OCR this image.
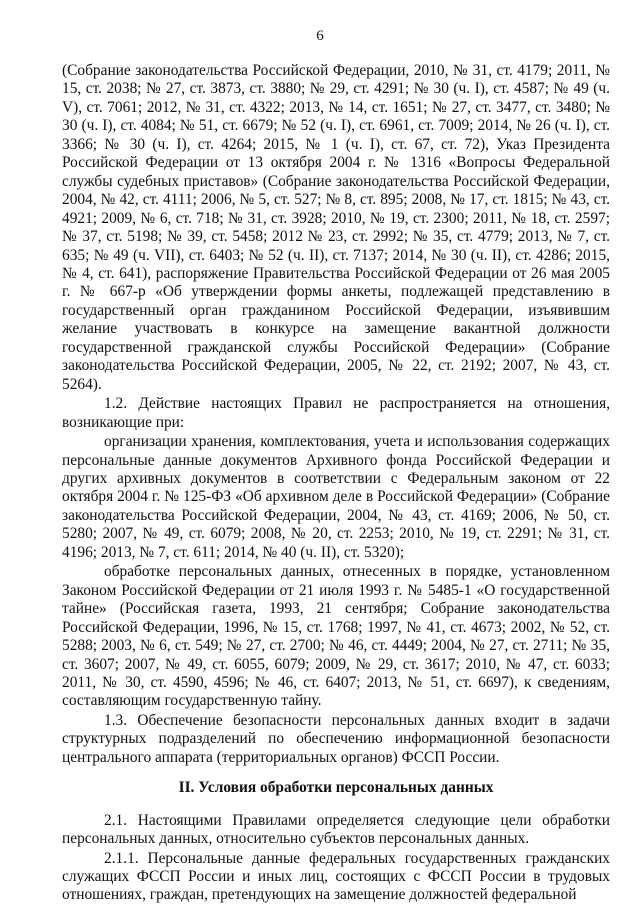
6

(Собрание законодательства Российской Федерации, 2010, № 31, ст. 4179; 2011, № 15, ст. 2038; № 27, ст. 3873, ст. 3880; № 29, ст. 4291; № 30 (ч. I), ст. 4587; № 49 (ч. V), ст. 7061; 2012, № 31, ст. 4322; 2013, № 14, ст. 1651; № 27, ст. 3477, ст. 3480; № 30 (ч. I), ст. 4084; № 51, ст. 6679; № 52 (ч. I), ст. 6961, ст. 7009; 2014, № 26 (ч. I), ст. 3366; № 30 (ч. I), ст. 4264; 2015, № 1 (ч. I), ст. 67, ст. 72), Указ Президента Российской Федерации от 13 октября 2004 г. № 1316 «Вопросы Федеральной службы судебных приставов» (Собрание законодательства Российской Федерации, 2004, № 42, ст. 4111; 2006, № 5, ст. 527; № 8, ст. 895; 2008, № 17, ст. 1815; № 43, ст. 4921; 2009, № 6, ст. 718; № 31, ст. 3928; 2010, № 19, ст. 2300; 2011, № 18, ст. 2597; № 37, ст. 5198; № 39, ст. 5458; 2012 № 23, ст. 2992; № 35, ст. 4779; 2013, № 7, ст. 635; № 49 (ч. VII), ст. 6403; № 52 (ч. II), ст. 7137; 2014, № 30 (ч. II), ст. 4286; 2015, № 4, ст. 641), распоряжение Правительства Российской Федерации от 26 мая 2005 г. № 667-р «Об утверждении формы анкеты, подлежащей представлению в государственный орган гражданином Российской Федерации, изъявившим желание участвовать в конкурсе на замещение вакантной должности государственной гражданской службы Российской Федерации» (Собрание законодательства Российской Федерации, 2005, № 22, ст. 2192; 2007, № 43, ст. 5264).

1.2. Действие настоящих Правил не распространяется на отношения, возникающие при:

организации хранения, комплектования, учета и использования содержащих персональные данные документов Архивного фонда Российской Федерации и других архивных документов в соответствии с Федеральным законом от 22 октября 2004 г. № 125-ФЗ «Об архивном деле в Российской Федерации» (Собрание законодательства Российской Федерации, 2004, № 43, ст. 4169; 2006, № 50, ст. 5280; 2007, № 49, ст. 6079; 2008, № 20, ст. 2253; 2010, № 19, ст. 2291; № 31, ст. 4196; 2013, № 7, ст. 611; 2014, № 40 (ч. II), ст. 5320);

обработке персональных данных, отнесенных в порядке, установленном Законом Российской Федерации от 21 июля 1993 г. № 5485-1 «О государственной тайне» (Российская газета, 1993, 21 сентября; Собрание законодательства Российской Федерации, 1996, № 15, ст. 1768; 1997, № 41, ст. 4673; 2002, № 52, ст. 5288; 2003, № 6, ст. 549; № 27, ст. 2700; № 46, ст. 4449; 2004, № 27, ст. 2711; № 35, ст. 3607; 2007, № 49, ст. 6055, 6079; 2009, № 29, ст. 3617; 2010, № 47, ст. 6033; 2011, № 30, ст. 4590, 4596; № 46, ст. 6407; 2013, № 51, ст. 6697), к сведениям, составляющим государственную тайну.

1.3. Обеспечение безопасности персональных данных входит в задачи структурных подразделений по обеспечению информационной безопасности центрального аппарата (территориальных органов) ФССП России.

II. Условия обработки персональных данных

2.1. Настоящими Правилами определяется следующие цели обработки персональных данных, относительно субъектов персональных данных.

2.1.1. Персональные данные федеральных государственных гражданских служащих ФССП России и иных лиц, состоящих с ФССП России в трудовых отношениях, граждан, претендующих на замещение должностей федеральной
